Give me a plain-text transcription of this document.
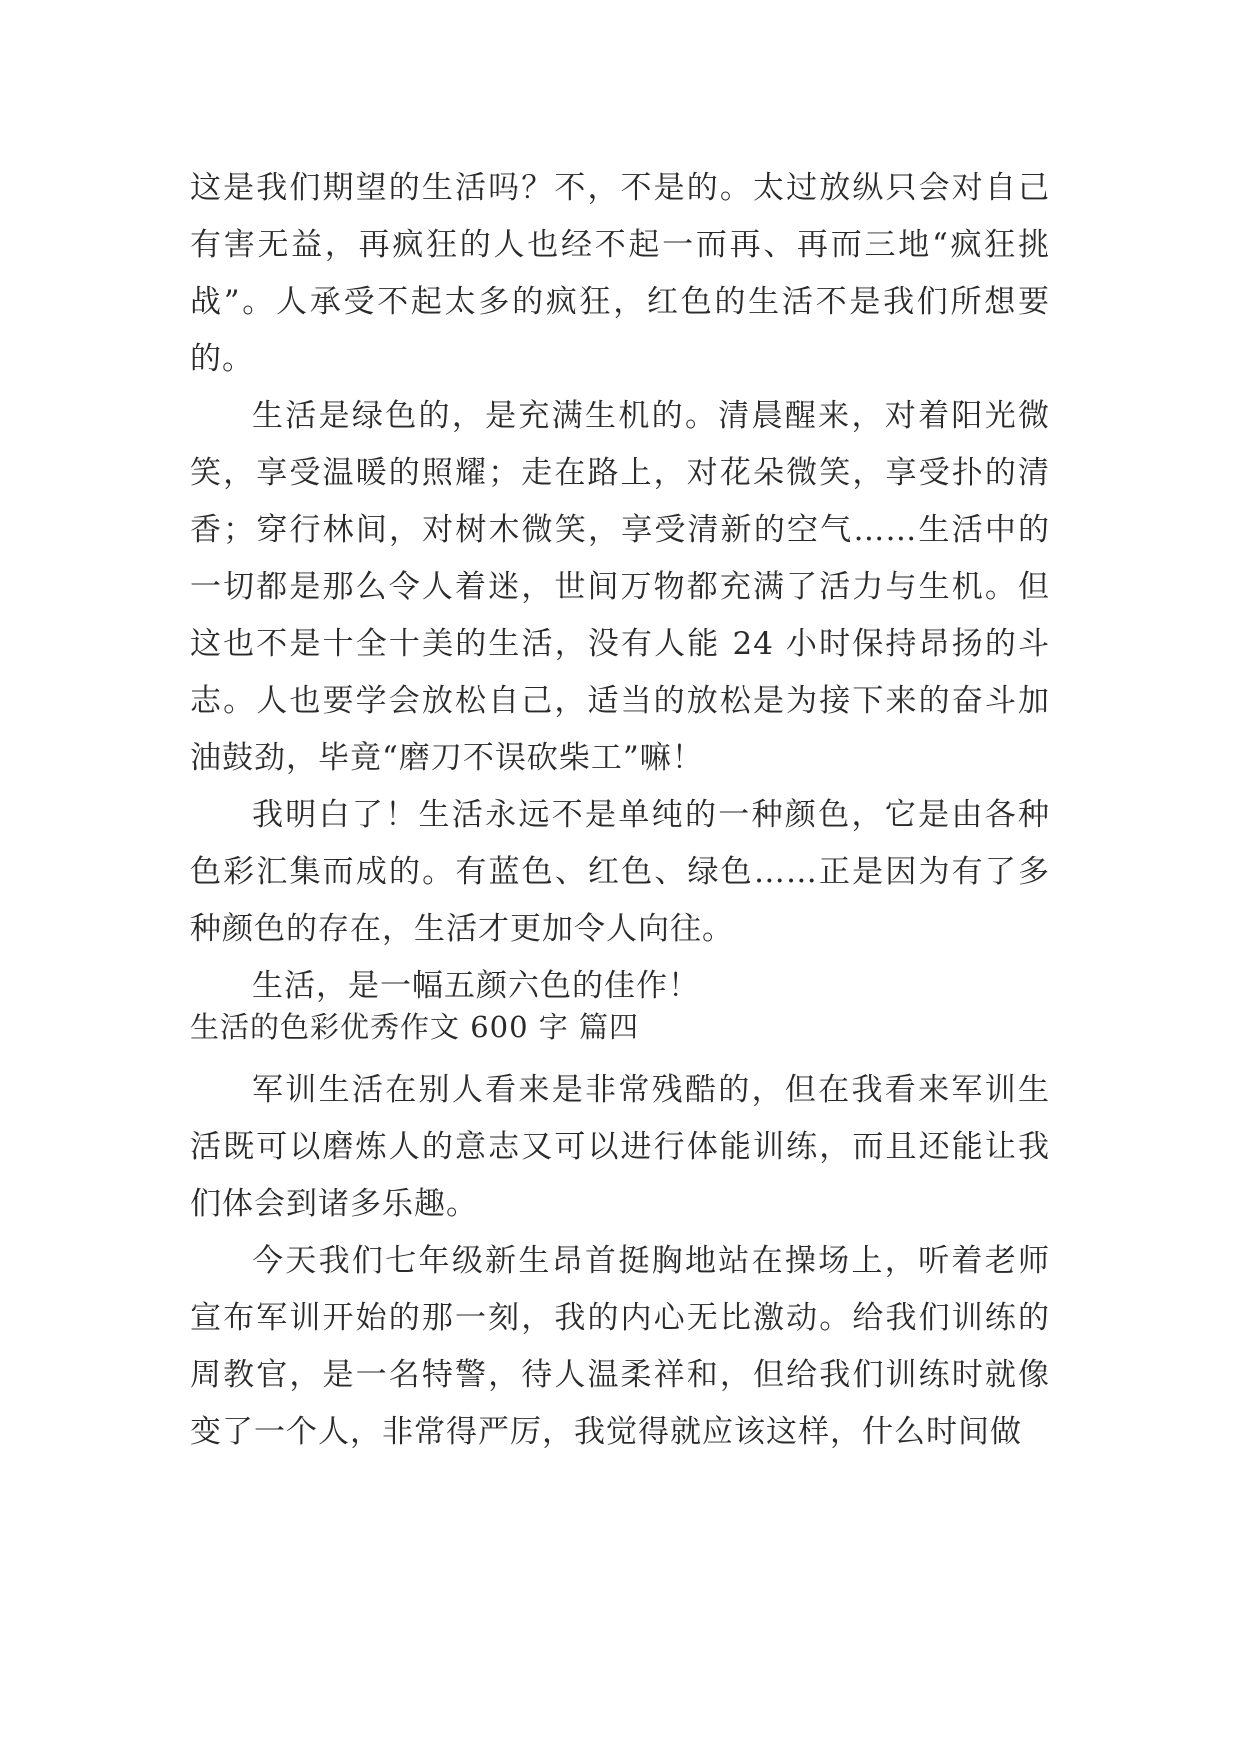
这是我们期望的生活吗？不，不是的。太过放纵只会对自己有害无益，再疯狂的人也经不起一而再、再而三地“疯狂挑战”。人承受不起太多的疯狂，红色的生活不是我们所想要的。

生活是绿色的，是充满生机的。清晨醒来，对着阳光微笑，享受温暖的照耀；走在路上，对花朵微笑，享受扑的清香；穿行林间，对树木微笑，享受清新的空气……生活中的一切都是那么令人着迷，世间万物都充满了活力与生机。但这也不是十全十美的生活，没有人能 24 小时保持昂扬的斗志。人也要学会放松自己，适当的放松是为接下来的奋斗加油鼓劲，毕竟“磨刀不误砍柴工”嘛！

我明白了！生活永远不是单纯的一种颜色，它是由各种色彩汇集而成的。有蓝色、红色、绿色……正是因为有了多种颜色的存在，生活才更加令人向往。

生活，是一幅五颜六色的佳作！

生活的色彩优秀作文 600 字 篇四

军训生活在别人看来是非常残酷的，但在我看来军训生活既可以磨炼人的意志又可以进行体能训练，而且还能让我们体会到诸多乐趣。

今天我们七年级新生昂首挺胸地站在操场上，听着老师宣布军训开始的那一刻，我的内心无比激动。给我们训练的周教官，是一名特警，待人温柔祥和，但给我们训练时就像变了一个人，非常得严厉，我觉得就应该这样，什么时间做
